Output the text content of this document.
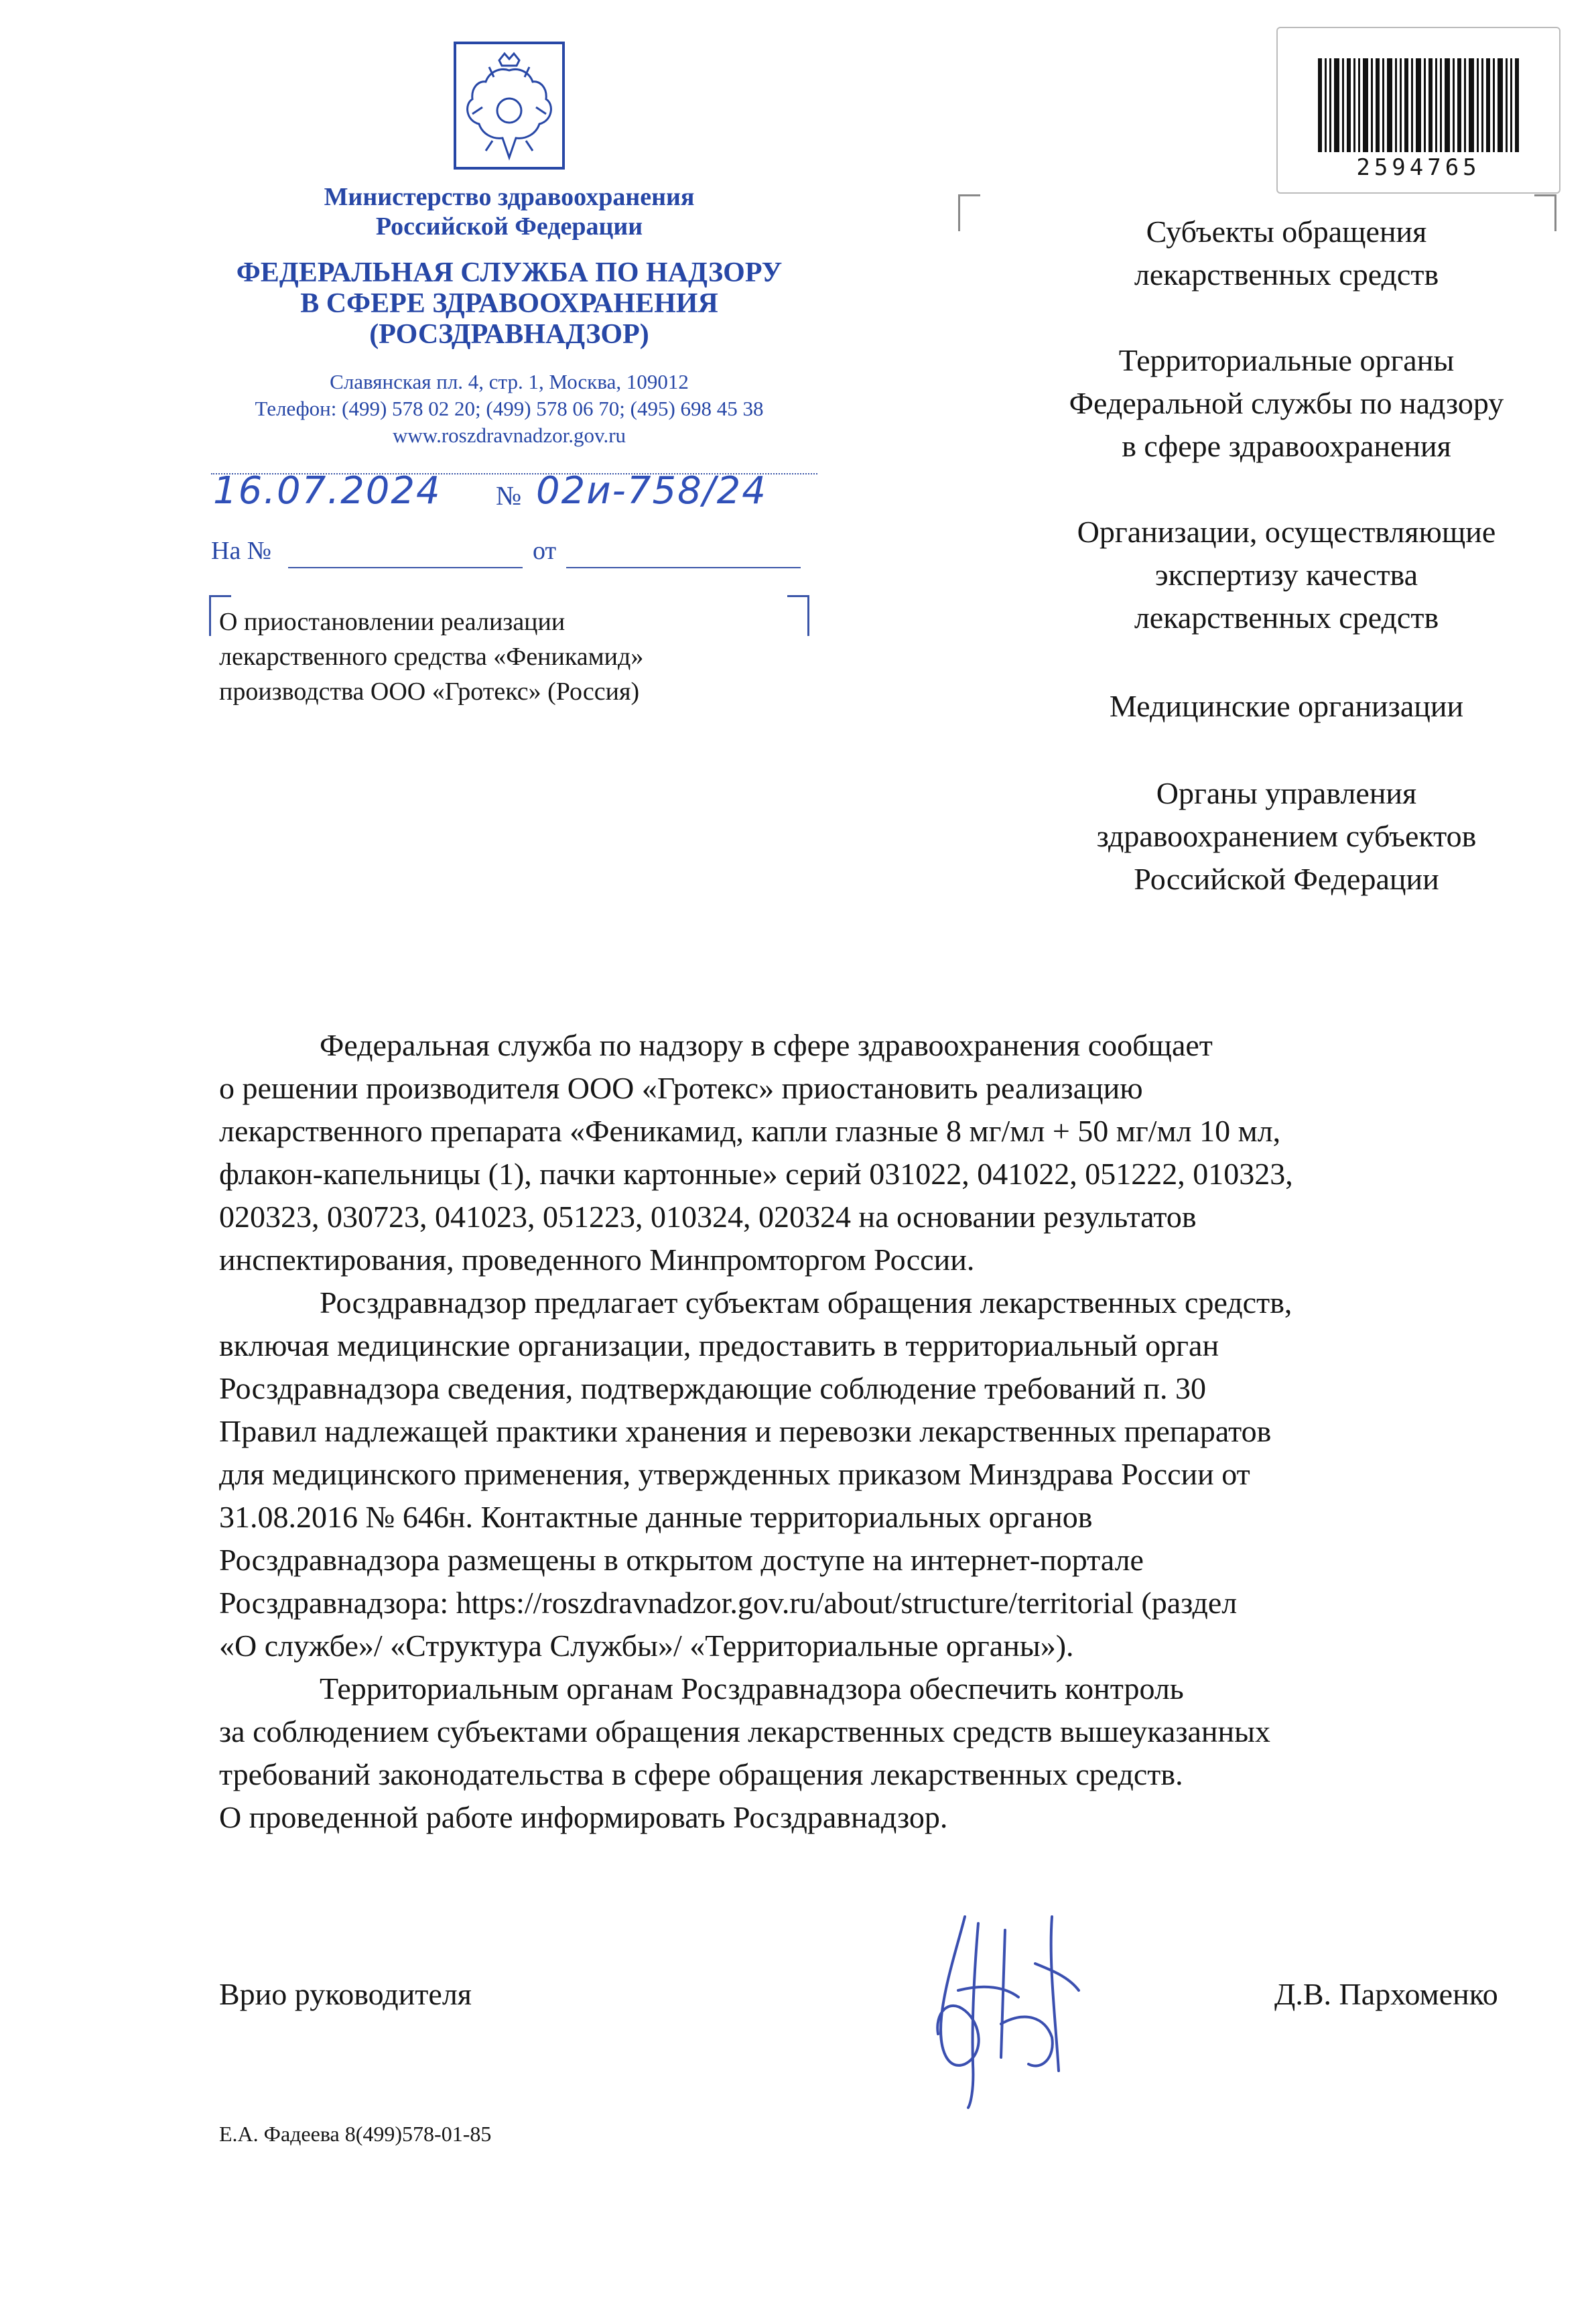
Министерство здравоохранения
Российской Федерации
ФЕДЕРАЛЬНАЯ СЛУЖБА ПО НАДЗОРУ
В СФЕРЕ ЗДРАВООХРАНЕНИЯ
(РОСЗДРАВНАДЗОР)
Славянская пл. 4, стр. 1, Москва, 109012
Телефон: (499) 578 02 20; (499) 578 06 70; (495) 698 45 38
www.roszdravnadzor.gov.ru
16.07.2024 № 02и-758/24
На №	от
О приостановлении реализации
лекарственного средства «Феникамид»
производства ООО «Гротекс» (Россия)
2594765
Субъекты обращения
лекарственных средств
Территориальные органы
Федеральной службы по надзору
в сфере здравоохранения
Организации, осуществляющие
экспертизу качества
лекарственных средств
Медицинские организации
Органы управления
здравоохранением субъектов
Российской Федерации
Федеральная служба по надзору в сфере здравоохранения сообщает
о решении производителя ООО «Гротекс» приостановить реализацию
лекарственного препарата «Феникамид, капли глазные 8 мг/мл + 50 мг/мл 10 мл,
флакон-капельницы (1), пачки картонные» серий 031022, 041022, 051222, 010323,
020323, 030723, 041023, 051223, 010324, 020324 на основании результатов
инспектирования, проведенного Минпромторгом России.
Росздравнадзор предлагает субъектам обращения лекарственных средств,
включая медицинские организации, предоставить в территориальный орган
Росздравнадзора сведения, подтверждающие соблюдение требований п. 30
Правил надлежащей практики хранения и перевозки лекарственных препаратов
для медицинского применения, утвержденных приказом Минздрава России от
31.08.2016 № 646н. Контактные данные территориальных органов
Росздравнадзора размещены в открытом доступе на интернет-портале
Росздравнадзора: https://roszdravnadzor.gov.ru/about/structure/territorial (раздел
«О службе»/ «Структура Службы»/ «Территориальные органы»).
Территориальным органам Росздравнадзора обеспечить контроль
за соблюдением субъектами обращения лекарственных средств вышеуказанных
требований законодательства в сфере обращения лекарственных средств.
О проведенной работе информировать Росздравнадзор.
Врио руководителя	Д.В. Пархоменко
Е.А. Фадеева 8(499)578-01-85
